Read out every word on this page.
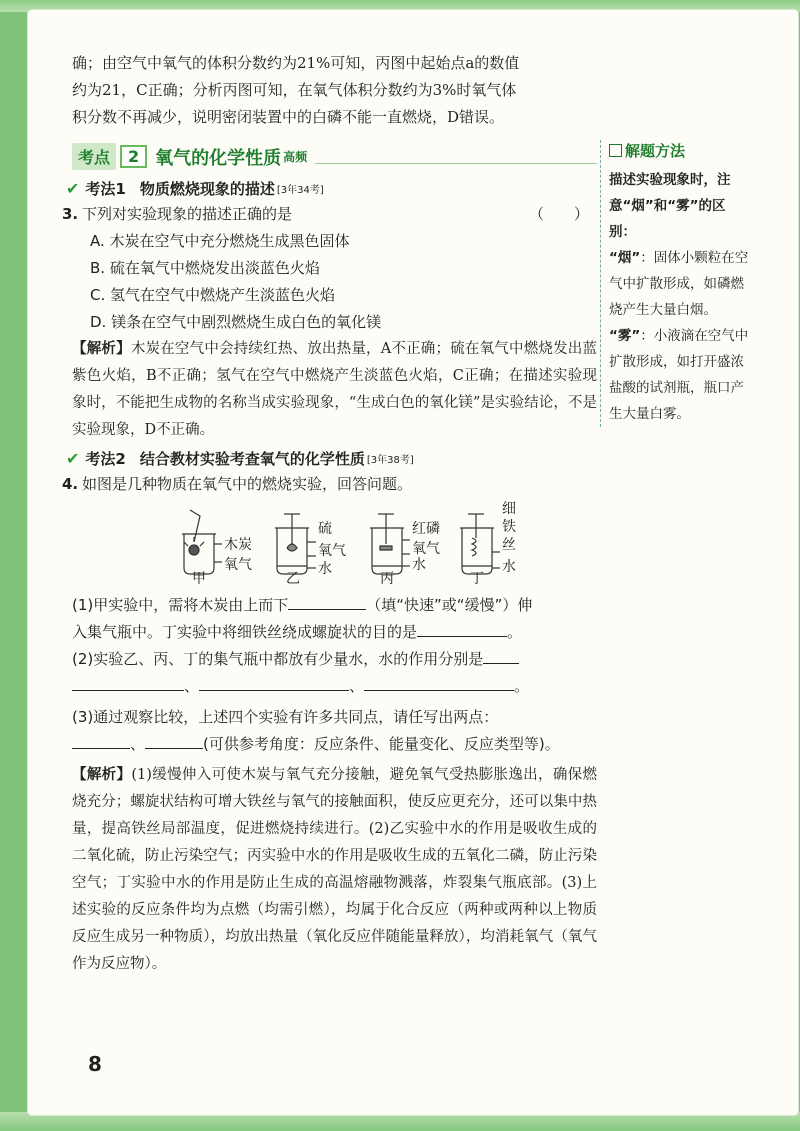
确；由空气中氧气的体积分数约为21%可知，丙图中起始点a的数值

约为21，C正确；分析丙图可知，在氧气体积分数约为3%时氧气体

积分数不再减少，说明密闭装置中的白磷不能一直燃烧，D错误。

考点	2 氧气的化学性质 高频
✔ 考法1 物质燃烧现象的描述 [3年34考]
3. 下列对实验现象的描述正确的是	（　　）
A. 木炭在空气中充分燃烧生成黑色固体
B. 硫在氧气中燃烧发出淡蓝色火焰
C. 氢气在空气中燃烧产生淡蓝色火焰
D. 镁条在空气中剧烈燃烧生成白色的氧化镁

【解析】木炭在空气中会持续红热、放出热量，A不正确；硫在氧气中燃烧发出蓝紫色火焰，B不正确；氢气在空气中燃烧产生淡蓝色火焰，C正确；在描述实验现象时，不能把生成物的名称当成实验现象，“生成白色的氧化镁”是实验结论，不是实验现象，D不正确。

✔ 考法2 结合教材实验考查氧气的化学性质 [3年38考]
4. 如图是几种物质在氧气中的燃烧实验，回答问题。
木炭
氧气
甲
硫
氧气
水
乙
红磷
氧气
水
丙
细
铁
丝
水
丁

(1)甲实验中，需将木炭由上而下	（填“快速”或“缓慢”）伸

入集气瓶中。丁实验中将细铁丝绕成螺旋状的目的是	。

(2)实验乙、丙、丁的集气瓶中都放有少量水，水的作用分别是

、	、	。

(3)通过观察比较，上述四个实验有许多共同点，请任写出两点：

、	(可供参考角度：反应条件、能量变化、反应类型等)。

【解析】(1)缓慢伸入可使木炭与氧气充分接触，避免氧气受热膨胀逸出，确保燃烧充分；螺旋状结构可增大铁丝与氧气的接触面积，使反应更充分，还可以集中热量，提高铁丝局部温度，促进燃烧持续进行。(2)乙实验中水的作用是吸收生成的二氧化硫，防止污染空气；丙实验中水的作用是吸收生成的五氧化二磷，防止污染空气；丁实验中水的作用是防止生成的高温熔融物溅落，炸裂集气瓶底部。(3)上述实验的反应条件均为点燃（均需引燃），均属于化合反应（两种或两种以上物质反应生成另一种物质），均放出热量（氧化反应伴随能量释放），均消耗氧气（氧气作为反应物）。

解题方法

描述实验现象时，注意“烟”和“雾”的区别：

“烟”：固体小颗粒在空气中扩散形成，如磷燃烧产生大量白烟。

“雾”：小液滴在空气中扩散形成，如打开盛浓盐酸的试剂瓶，瓶口产生大量白雾。

8
